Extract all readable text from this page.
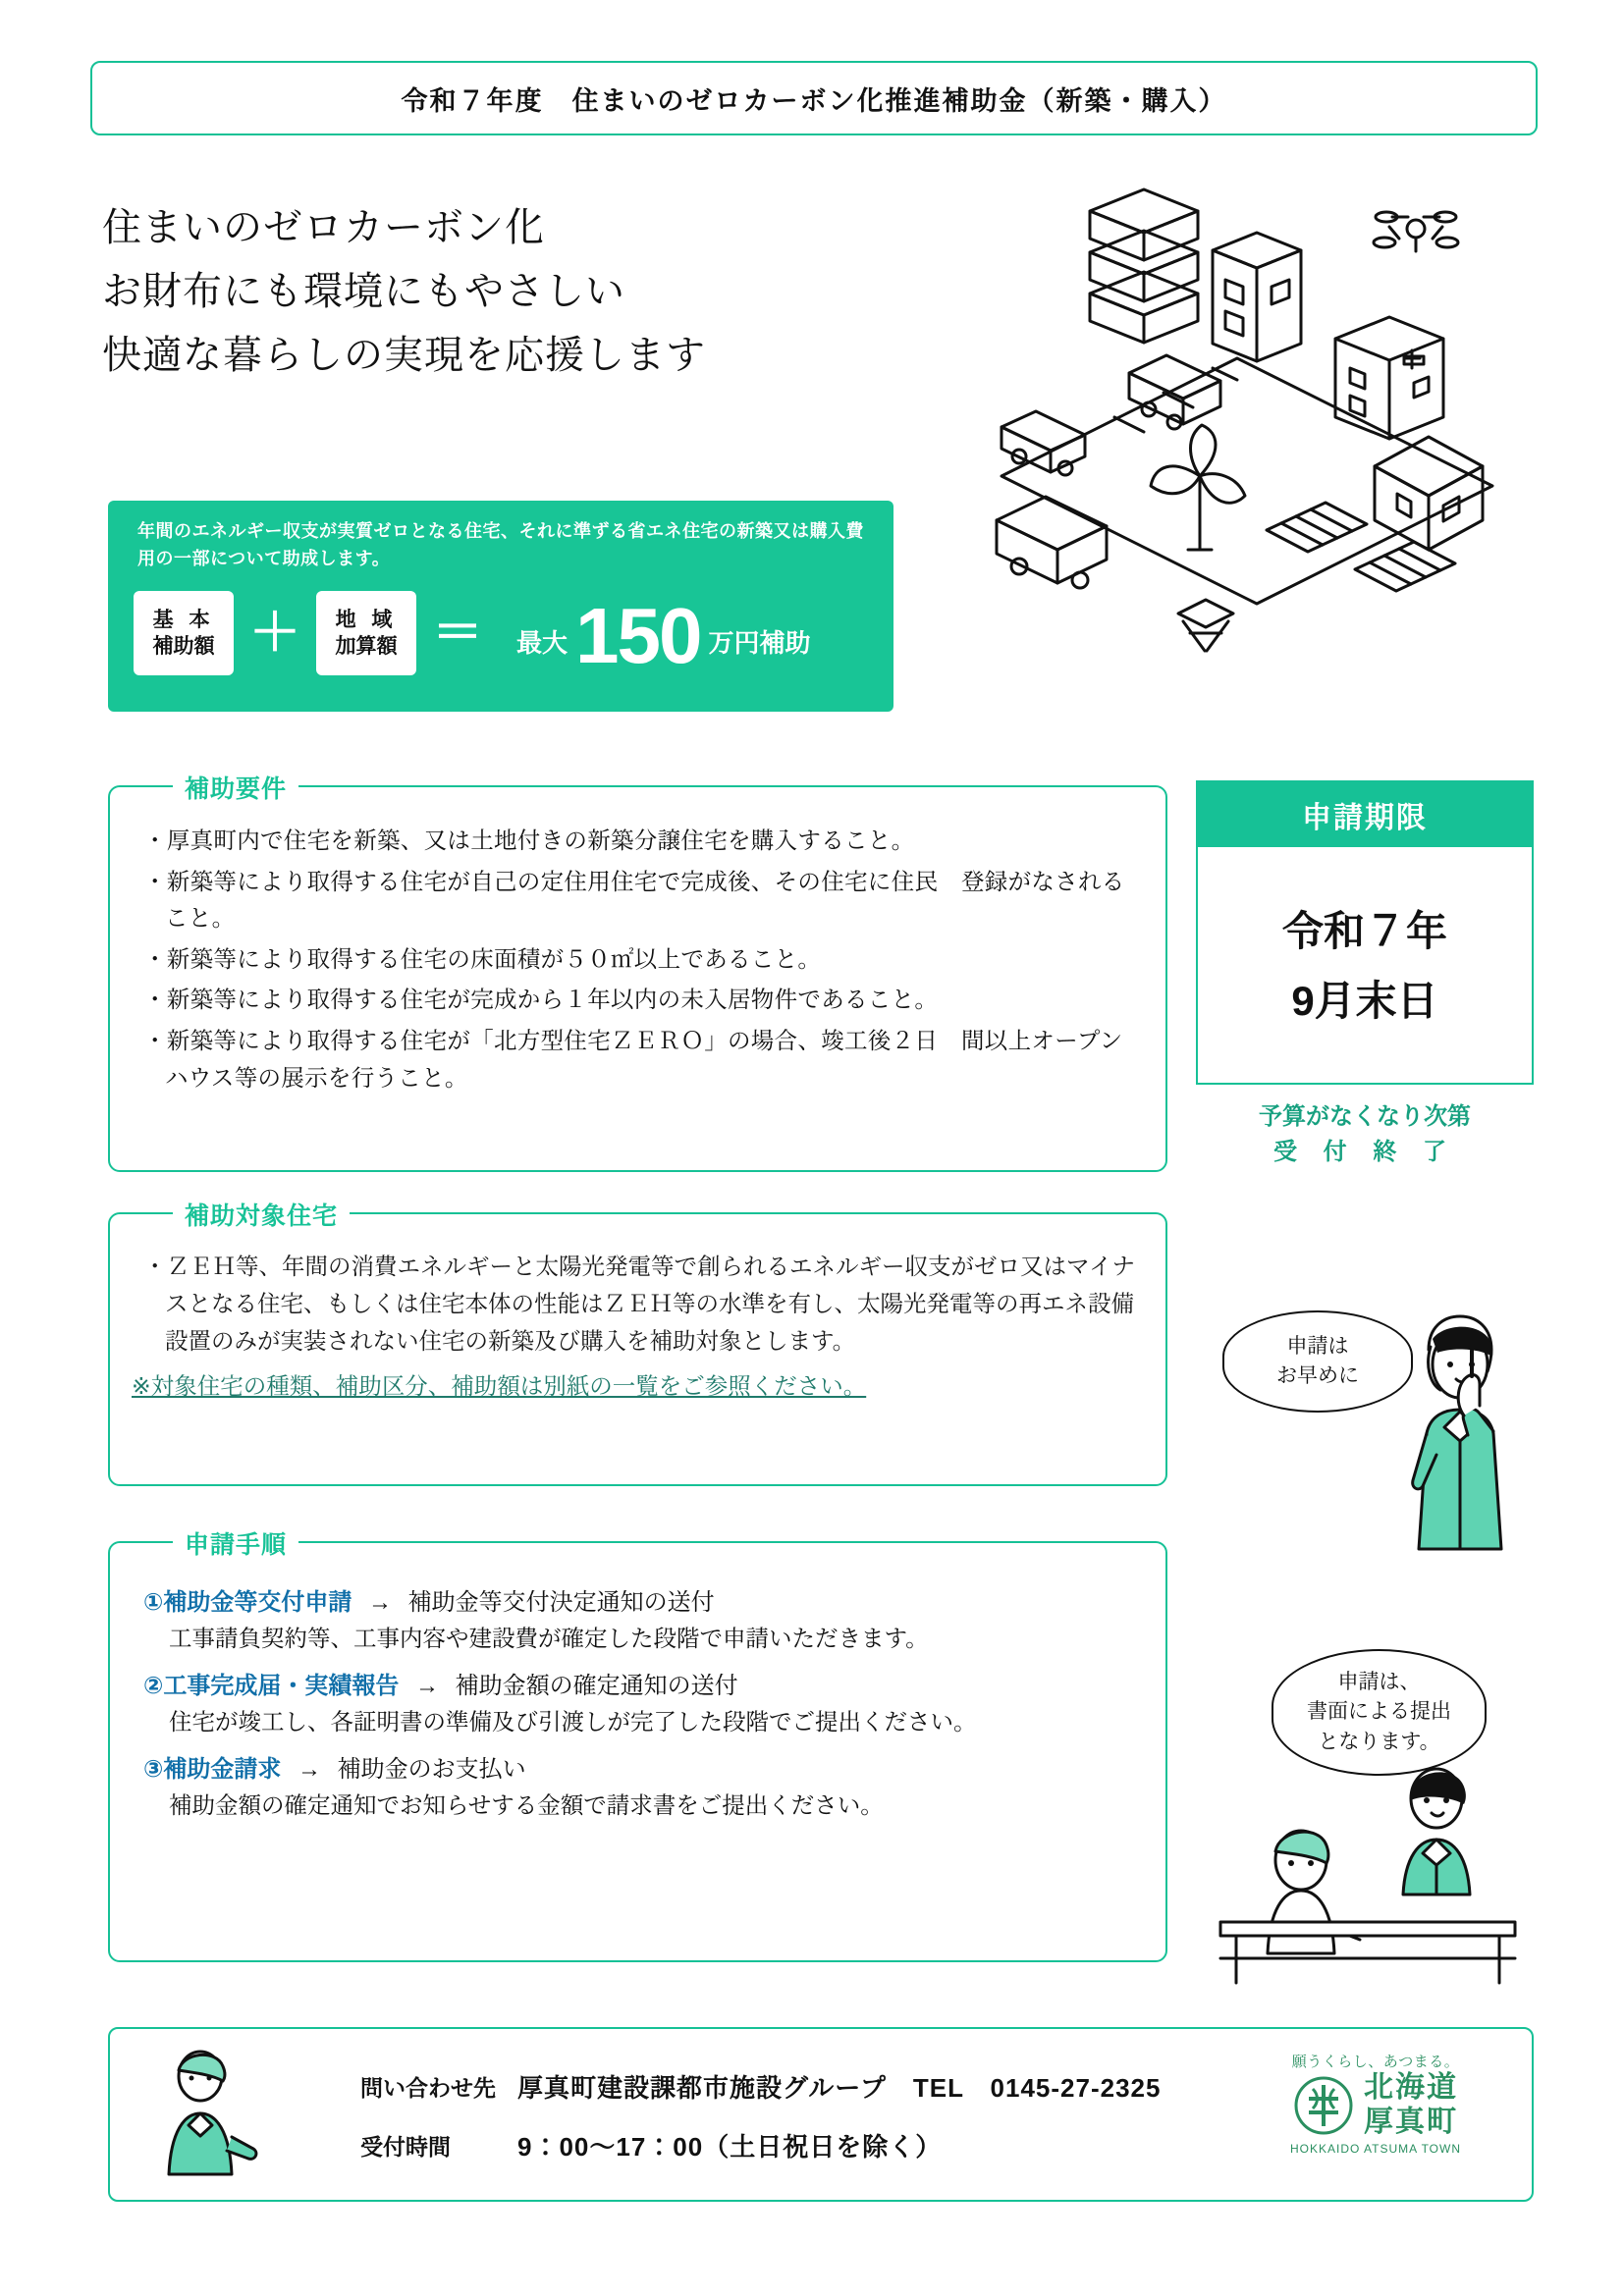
令和７年度　住まいのゼロカーボン化推進補助金（新築・購入）
住まいのゼロカーボン化
お財布にも環境にもやさしい
快適な暮らしの実現を応援します
年間のエネルギー収支が実質ゼロとなる住宅、それに準ずる省エネ住宅の新築又は購入費用の一部について助成します。
基 本
補助額 ＋ 地 域
加算額 ＝ 最大 150 万円補助
補助要件
・厚真町内で住宅を新築、又は土地付きの新築分譲住宅を購入すること。
・新築等により取得する住宅が自己の定住用住宅で完成後、その住宅に住民　登録がなされること。
・新築等により取得する住宅の床面積が５０㎡以上であること。
・新築等により取得する住宅が完成から１年以内の未入居物件であること。
・新築等により取得する住宅が「北方型住宅ＺＥＲＯ」の場合、竣工後２日　間以上オープンハウス等の展示を行うこと。
補助対象住宅
・ＺＥＨ等、年間の消費エネルギーと太陽光発電等で創られるエネルギー収支がゼロ又はマイナスとなる住宅、もしくは住宅本体の性能はＺＥＨ等の水準を有し、太陽光発電等の再エネ設備設置のみが実装されない住宅の新築及び購入を補助対象とします。
※対象住宅の種類、補助区分、補助額は別紙の一覧をご参照ください。
申請手順
①補助金等交付申請 → 補助金等交付決定通知の送付
工事請負契約等、工事内容や建設費が確定した段階で申請いただきます。
②工事完成届・実績報告 → 補助金額の確定通知の送付
住宅が竣工し、各証明書の準備及び引渡しが完了した段階でご提出ください。
③補助金請求 → 補助金のお支払い
補助金額の確定通知でお知らせする金額で請求書をご提出ください。
申請期限
令和７年
9月末日
予算がなくなり次第
受 付 終 了
申請は
お早めに
申請は、
書面による提出
となります。
問い合わせ先 厚真町建設課都市施設グループ　TEL　0145-27-2325
受付時間	9：00～17：00（土日祝日を除く）
願うくらし、あつまる。
北海道
厚真町
HOKKAIDO ATSUMA TOWN
